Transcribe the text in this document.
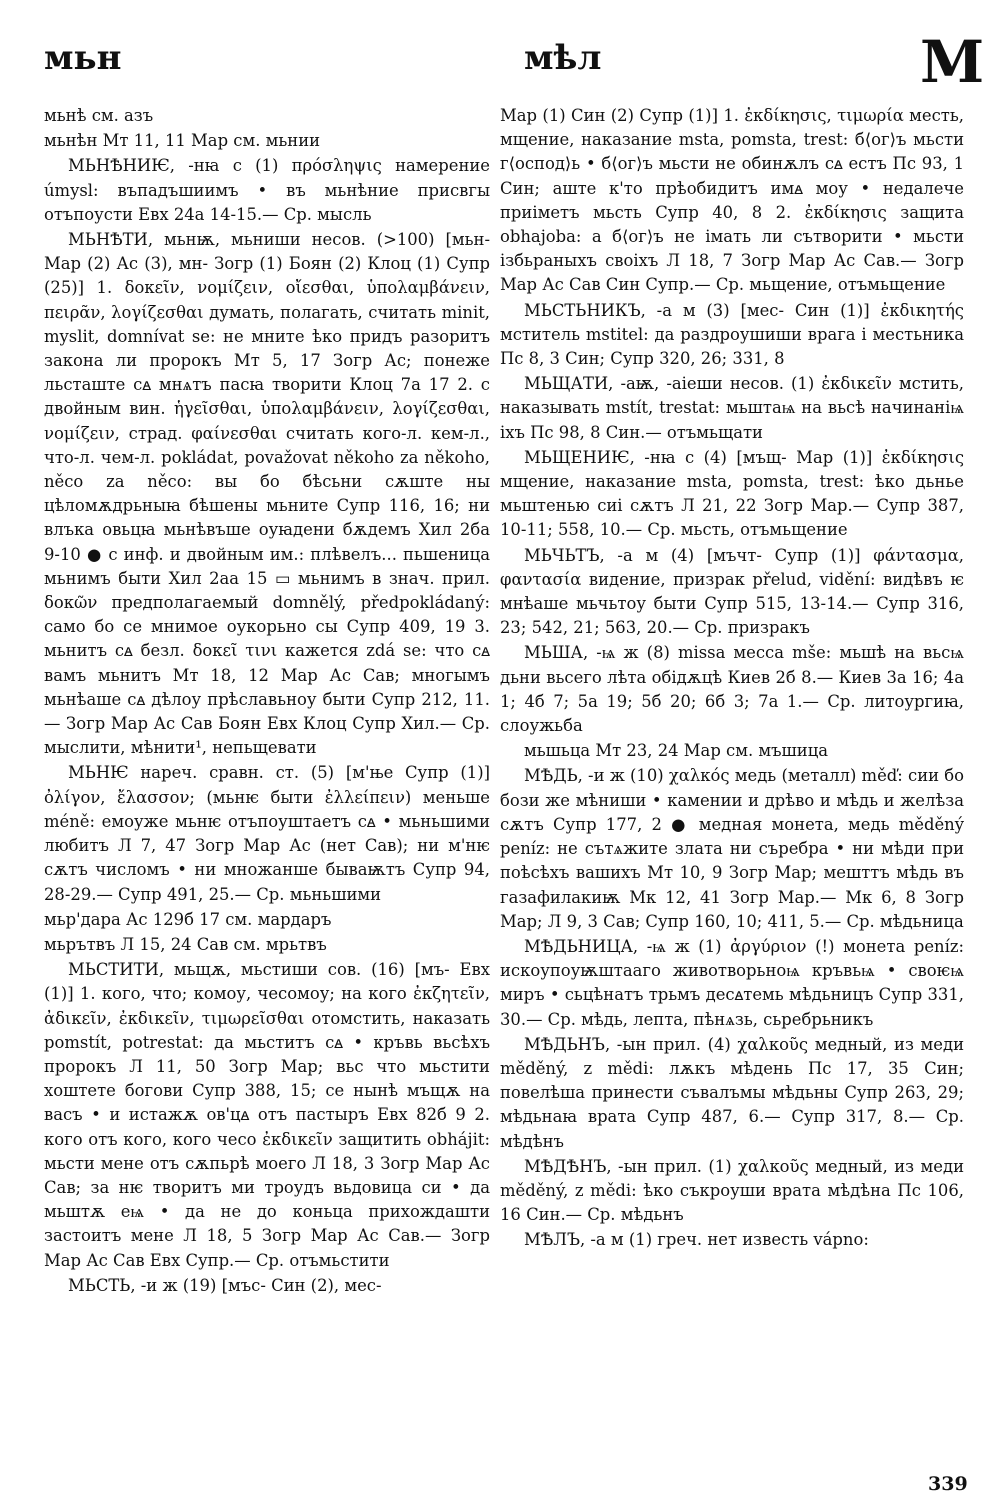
мьн	мѣл	М

мьнѣ см. азъ

мьнѣн Мт 11, 11 Мар см. мьнии

МЬНѢНИѤ, -нꙗ с (1) πρόσληψις намерение úmysl: въпадъшиимъ • въ мьнѣние присвгы отъпоусти Евх 24а 14-15.— Ср. мысль

МЬНѢТИ, мьнѭ, мьниши несов. (>100) [мьн- Мар (2) Ас (3), мн- Зогр (1) Боян (2) Клоц (1) Супр (25)] 1. δοκεῖν, νομίζειν, οἴεσθαι, ὑπολαμβάνειν, πειρᾶν, λογίζεσθαι думать, полагать, считать minit, myslit, domnívat se: не мните ѣко придъ разоритъ закона ли пророкъ Мт 5, 17 Зогр Ас; понеже льсташте сꙙ мнѧтъ пасꙗ творити Клоц 7а 17 2. с двойным вин. ἡγεῖσθαι, ὑπολαμβάνειν, λογίζεσθαι, νομίζειν, страд. φαίνεσθαι считать кого-л. кем-л., что-л. чем-л. pokládat, považovat někoho za někoho, něco za něco: вы бо бѣсьни сѫште ны цѣломѫдрьныꙗ бѣшены мьните Супр 116, 16; ни влъка овьцꙗ мьнѣвъше оуꙗдени бѫдемъ Хил 2ба 9-10 ● с инф. и двойным им.: плѣвелъ... пьшеница мьнимъ быти Хил 2аа 15 ▭ мьнимъ в знач. прил. δοκῶν предполагаемый domnělý, předpokládaný: само бо се мнимое оукорьно сы Супр 409, 19 3. мьнитъ сꙙ безл. δοκεῖ τινι кажется zdá se: что сꙙ вамъ мьнитъ Мт 18, 12 Мар Ас Сав; многымъ мьнѣаше сꙙ дѣлоу прѣславьноу быти Супр 212, 11.— Зогр Мар Ас Сав Боян Евх Клоц Супр Хил.— Ср. мыслити, мѣнити¹, непьщевати

МЬНѤ нареч. сравн. ст. (5) [м'ње Супр (1)] ὀλίγον, ἔλασσον; (мьнѥ быти ἐλλείπειν) меньше méně: емоуже мьнѥ отъпоуштаетъ сꙙ • мьньшими любитъ Л 7, 47 Зогр Мар Ас (нет Сав); ни м'нѥ сѫтъ числомъ • ни множанше бываѭтъ Супр 94, 28-29.— Супр 491, 25.— Ср. мьньшими

мьр'дара Ас 129б 17 см. мардаръ

мьрътвъ Л 15, 24 Сав см. мрьтвъ

МЬСТИТИ, мьщѫ, мьстиши сов. (16) [мъ- Евх (1)] 1. кого, что; комоу, чесомоу; на кого ἐκζητεῖν, ἀδικεῖν, ἐκδικεῖν, τιμωρεῖσθαι отомстить, наказать pomstít, potrestat: да мьститъ сꙙ • кръвь вьсѣхъ пророкъ Л 11, 50 Зогр Мар; вьс что мьстити хоштете богови Супр 388, 15; се нынѣ мъщѫ на васъ • и истажѫ ов'цꙙ отъ пастыръ Евх 82б 9 2. кого отъ кого, кого чесо ἐκδικεῖν защитить obhájit: мьсти мене отъ сѫпьрѣ моего Л 18, 3 Зогр Мар Ас Сав; за нѥ творитъ ми троудъ вьдовица си • да мьштѫ еѩ • да не до коньца прихождашти застоитъ мене Л 18, 5 Зогр Мар Ас Сав.— Зогр Мар Ас Сав Евх Супр.— Ср. отъмьстити

МЬСТЬ, -и ж (19) [мъс- Син (2), мес-

Мар (1) Син (2) Супр (1)] 1. ἐκδίκησις, τιμωρία месть, мщение, наказание msta, pomsta, trest: б⟨ог⟩ъ мьсти г⟨оспод⟩ь • б⟨ог⟩ъ мьсти не обинѫлъ сꙙ естъ Пс 93, 1 Син; аште к'то прѣобидитъ имꙙ моу • недалече приіметъ мьсть Супр 40, 8 2. ἐκδίκησις защита obhajoba: а б⟨ог⟩ъ не імать ли сътворити • мьсти ізбьраныхъ своіхъ Л 18, 7 Зогр Мар Ас Сав.— Зогр Мар Ас Сав Син Супр.— Ср. мьщение, отъмьщение

МЬСТЬНИКЪ, -а м (3) [мес- Син (1)] ἐκδικητής мститель mstitel: да раздроушиши врага і местьника Пс 8, 3 Син; Супр 320, 26; 331, 8

МЬЩАТИ, -аѭ, -аіеши несов. (1) ἐκδικεῖν мстить, наказывать mstít, trestat: мьштаѩ на вьсѣ начинаніѩ іхъ Пс 98, 8 Син.— отъмьщати

МЬЩЕНИѤ, -нꙗ с (4) [мъщ- Мар (1)] ἐκδίκησις мщение, наказание msta, pomsta, trest: ѣко дьнье мьштенью сиі сѫтъ Л 21, 22 Зогр Мар.— Супр 387, 10-11; 558, 10.— Ср. мьсть, отъмьщение

МЬЧЬТЪ, -а м (4) [мъчт- Супр (1)] φάντασμα, φαντασία видение, призрак přelud, vidění: видѣвъ ѥ мнѣаше мьчьтоу быти Супр 515, 13-14.— Супр 316, 23; 542, 21; 563, 20.— Ср. призракъ

МЬША, -ѩ ж (8) missa месса mše: мьшѣ на вьсѩ дьни вьсего лѣта обідѫцѣ Киев 2б 8.— Киев 3а 16; 4а 1; 4б 7; 5а 19; 5б 20; 6б 3; 7а 1.— Ср. литоургиꙗ, слоужьба

мьшьца Мт 23, 24 Мар см. мъшица

МѢДЬ, -и ж (10) χαλκός медь (металл) měď: сии бо бози же мѣниши • камении и дрѣво и мѣдь и желѣза сѫтъ Супр 177, 2 ● медная монета, медь měděný peníz: не сътѧжите злата ни съребра • ни мѣди при поѣсѣхъ вашихъ Мт 10, 9 Зогр Мар; мешттъ мѣдь въ газафилакиѭ Мк 12, 41 Зогр Мар.— Мк 6, 8 Зогр Мар; Л 9, 3 Сав; Супр 160, 10; 411, 5.— Ср. мѣдьница

МѢДЬНИЦА, -ѩ ж (1) ἀργύριον (!) монета peníz: искоупоуѭштааго животворьноѩ кръвьѩ • своѥѩ миръ • сьцѣнатъ трьмъ десꙙтемь мѣдьницъ Супр 331, 30.— Ср. мѣдь, лепта, пѣнѧзь, сьребрьникъ

МѢДЬНЪ, -ын прил. (4) χαλκοῦς медный, из меди měděný, z mědi: лѫкъ мѣдень Пс 17, 35 Син; повелѣша принести съвалъмы мѣдьны Супр 263, 29; мѣдьнаꙗ врата Супр 487, 6.— Супр 317, 8.— Ср. мѣдѣнъ

МѢДѢНЪ, -ын прил. (1) χαλκοῦς медный, из меди měděný, z mědi: ѣко съкроуши врата мѣдѣна Пс 106, 16 Син.— Ср. мѣдьнъ

МѢЛЪ, -а м (1) греч. нет известь vápno:

339
